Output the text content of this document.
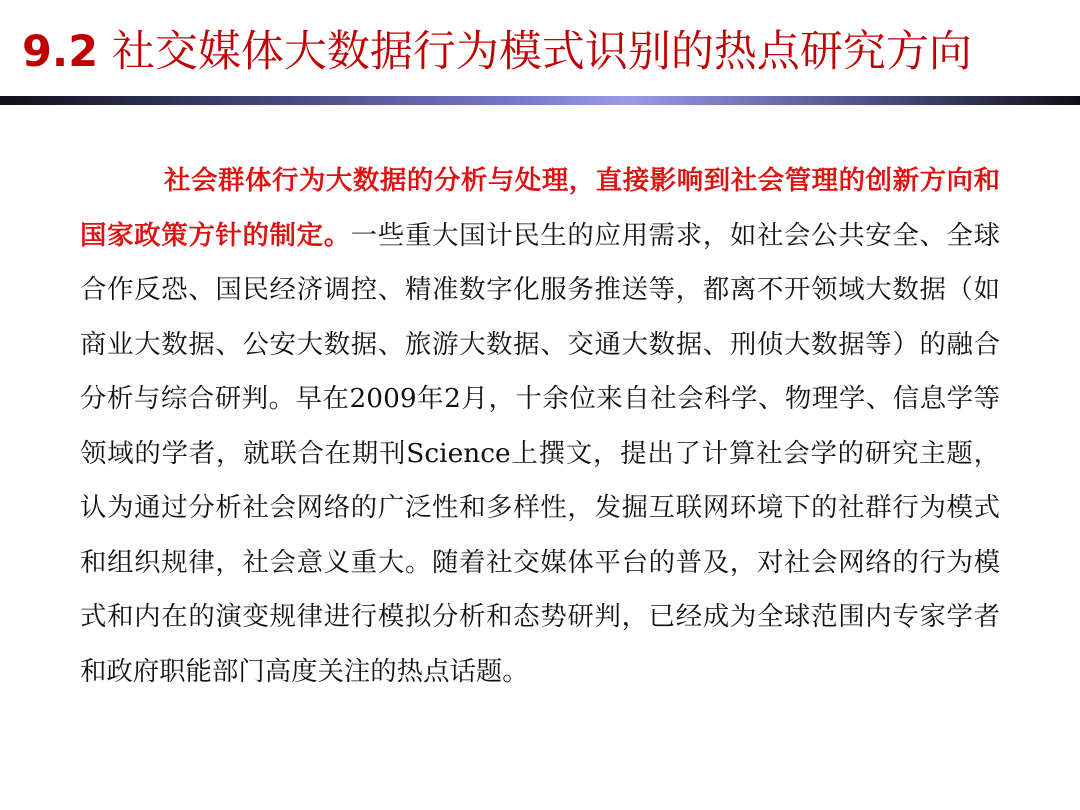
9.2 社交媒体大数据行为模式识别的热点研究方向
社会群体行为大数据的分析与处理，直接影响到社会管理的创新方向和国家政策方针的制定。一些重大国计民生的应用需求，如社会公共安全、全球合作反恐、国民经济调控、精准数字化服务推送等，都离不开领域大数据（如商业大数据、公安大数据、旅游大数据、交通大数据、刑侦大数据等）的融合分析与综合研判。早在2009年2月，十余位来自社会科学、物理学、信息学等领域的学者，就联合在期刊Science上撰文，提出了计算社会学的研究主题，认为通过分析社会网络的广泛性和多样性，发掘互联网环境下的社群行为模式和组织规律，社会意义重大。随着社交媒体平台的普及，对社会网络的行为模式和内在的演变规律进行模拟分析和态势研判，已经成为全球范围内专家学者和政府职能部门高度关注的热点话题。
